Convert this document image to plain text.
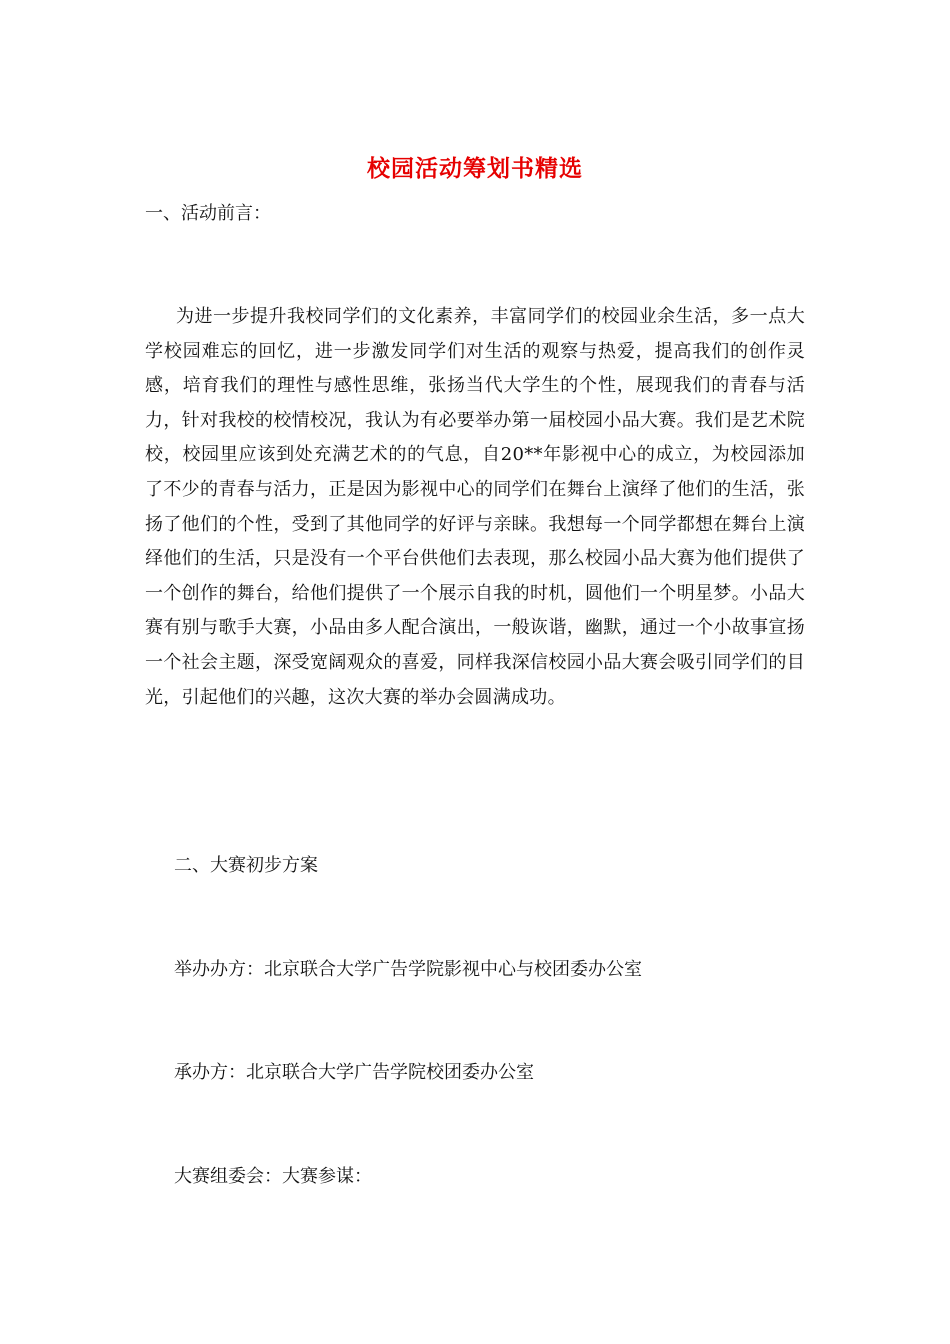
校园活动筹划书精选
一、活动前言：
为进一步提升我校同学们的文化素养，丰富同学们的校园业余生活，多一点大学校园难忘的回忆，进一步激发同学们对生活的观察与热爱，提高我们的创作灵感，培育我们的理性与感性思维，张扬当代大学生的个性，展现我们的青春与活力，针对我校的校情校况，我认为有必要举办第一届校园小品大赛。我们是艺术院校，校园里应该到处充满艺术的的气息，自20**年影视中心的成立，为校园添加了不少的青春与活力，正是因为影视中心的同学们在舞台上演绎了他们的生活，张扬了他们的个性，受到了其他同学的好评与亲睐。我想每一个同学都想在舞台上演绎他们的生活，只是没有一个平台供他们去表现，那么校园小品大赛为他们提供了一个创作的舞台，给他们提供了一个展示自我的时机，圆他们一个明星梦。小品大赛有别与歌手大赛，小品由多人配合演出，一般诙谐，幽默，通过一个小故事宣扬一个社会主题，深受宽阔观众的喜爱，同样我深信校园小品大赛会吸引同学们的目光，引起他们的兴趣，这次大赛的举办会圆满成功。
二、大赛初步方案
举办办方：北京联合大学广告学院影视中心与校团委办公室
承办方：北京联合大学广告学院校团委办公室
大赛组委会：大赛参谋：
